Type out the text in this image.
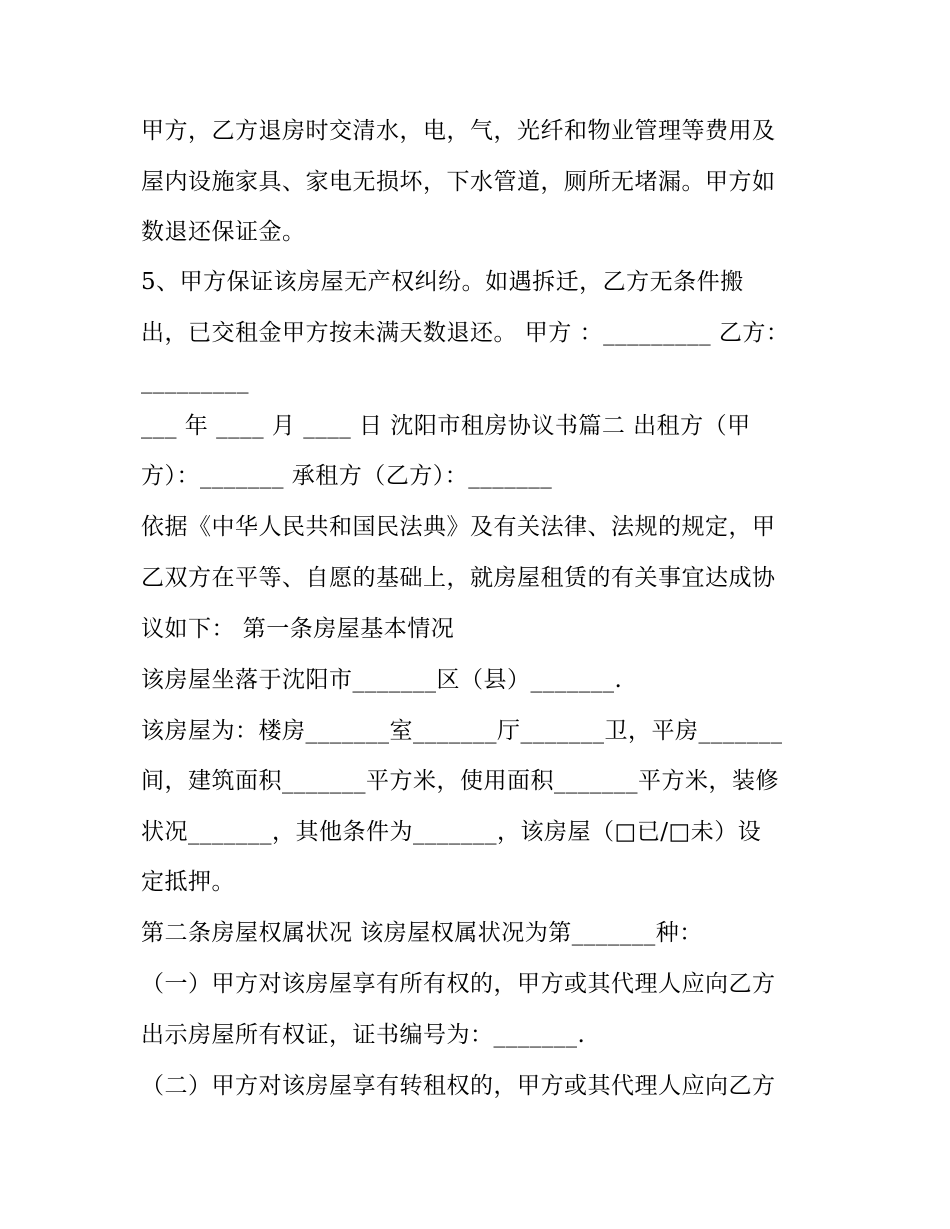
甲方，乙方退房时交清水，电，气，光纤和物业管理等费用及
屋内设施家具、家电无损坏，下水管道，厕所无堵漏。甲方如
数退还保证金。
5、甲方保证该房屋无产权纠纷。如遇拆迁，乙方无条件搬
出，已交租金甲方按未满天数退还。 甲方 ：_________ 乙方：
_________
___ 年 ____ 月 ____ 日 沈阳市租房协议书篇二 出租方（甲
方）：_______ 承租方（乙方）：_______
依据《中华人民共和国民法典》及有关法律、法规的规定，甲
乙双方在平等、自愿的基础上，就房屋租赁的有关事宜达成协
议如下： 第一条房屋基本情况
该房屋坐落于沈阳市_______区（县）_______.
该房屋为：楼房_______室_______厅_______卫，平房_______
间，建筑面积_______平方米，使用面积_______平方米，装修
状况_______，其他条件为_______，该房屋（□已/□未）设
定抵押。
第二条房屋权属状况 该房屋权属状况为第_______种：
（一）甲方对该房屋享有所有权的，甲方或其代理人应向乙方
出示房屋所有权证，证书编号为：_______.
（二）甲方对该房屋享有转租权的，甲方或其代理人应向乙方
